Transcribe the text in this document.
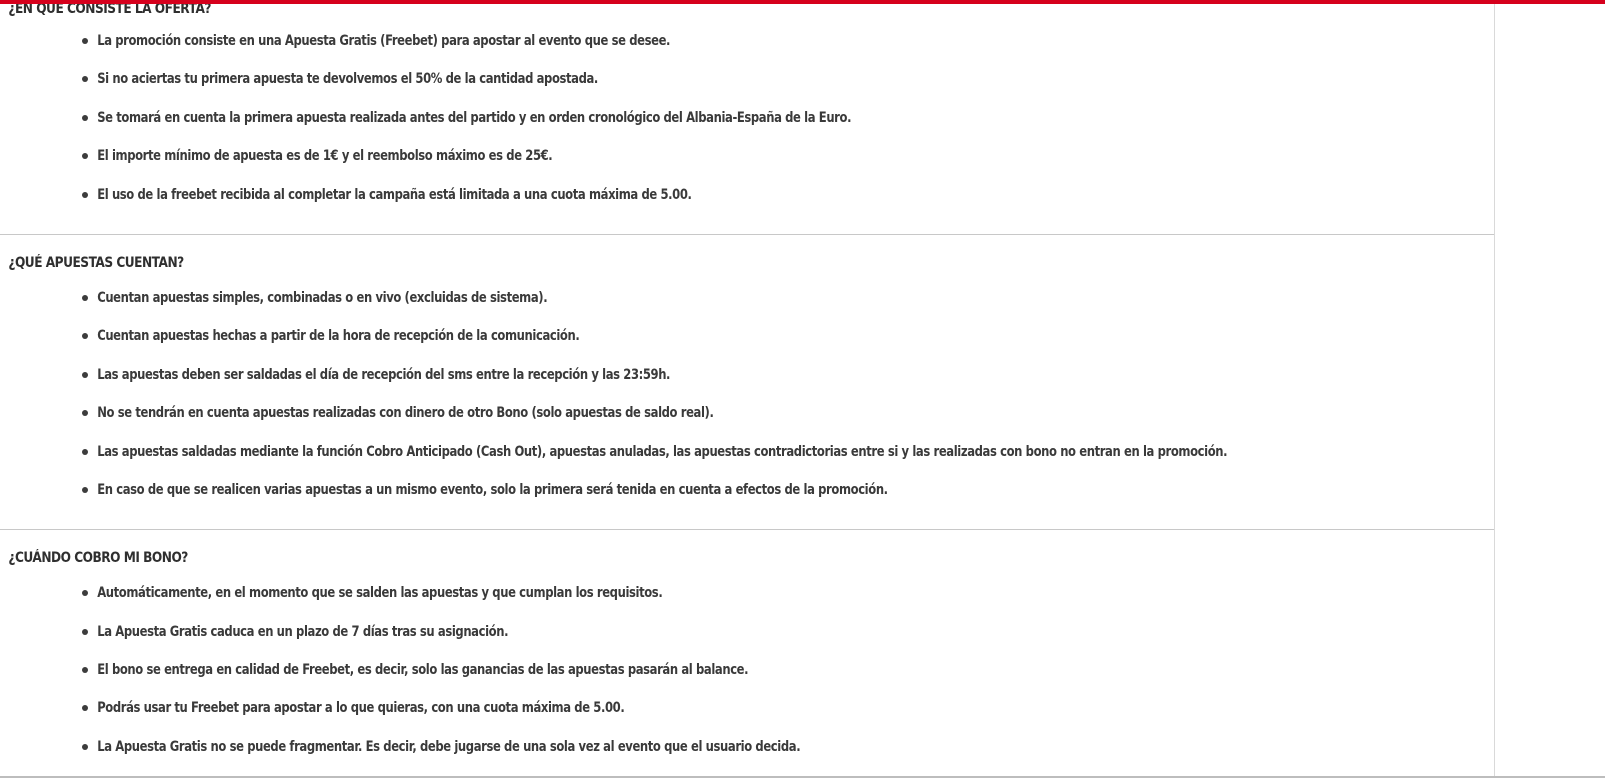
¿EN QUE CONSISTE LA OFERTA?
La promoción consiste en una Apuesta Gratis (Freebet) para apostar al evento que se desee.
Si no aciertas tu primera apuesta te devolvemos el 50% de la cantidad apostada.
Se tomará en cuenta la primera apuesta realizada antes del partido y en orden cronológico del Albania-España de la Euro.
El importe mínimo de apuesta es de 1€ y el reembolso máximo es de 25€.
El uso de la freebet recibida al completar la campaña está limitada a una cuota máxima de 5.00.
¿QUÉ APUESTAS CUENTAN?
Cuentan apuestas simples, combinadas o en vivo (excluidas de sistema).
Cuentan apuestas hechas a partir de la hora de recepción de la comunicación.
Las apuestas deben ser saldadas el día de recepción del sms entre la recepción y las 23:59h.
No se tendrán en cuenta apuestas realizadas con dinero de otro Bono (solo apuestas de saldo real).
Las apuestas saldadas mediante la función Cobro Anticipado (Cash Out), apuestas anuladas, las apuestas contradictorias entre si y las realizadas con bono no entran en la promoción.
En caso de que se realicen varias apuestas a un mismo evento, solo la primera será tenida en cuenta a efectos de la promoción.
¿CUÁNDO COBRO MI BONO?
Automáticamente, en el momento que se salden las apuestas y que cumplan los requisitos.
La Apuesta Gratis caduca en un plazo de 7 días tras su asignación.
El bono se entrega en calidad de Freebet, es decir, solo las ganancias de las apuestas pasarán al balance.
Podrás usar tu Freebet para apostar a lo que quieras, con una cuota máxima de 5.00.
La Apuesta Gratis no se puede fragmentar. Es decir, debe jugarse de una sola vez al evento que el usuario decida.
